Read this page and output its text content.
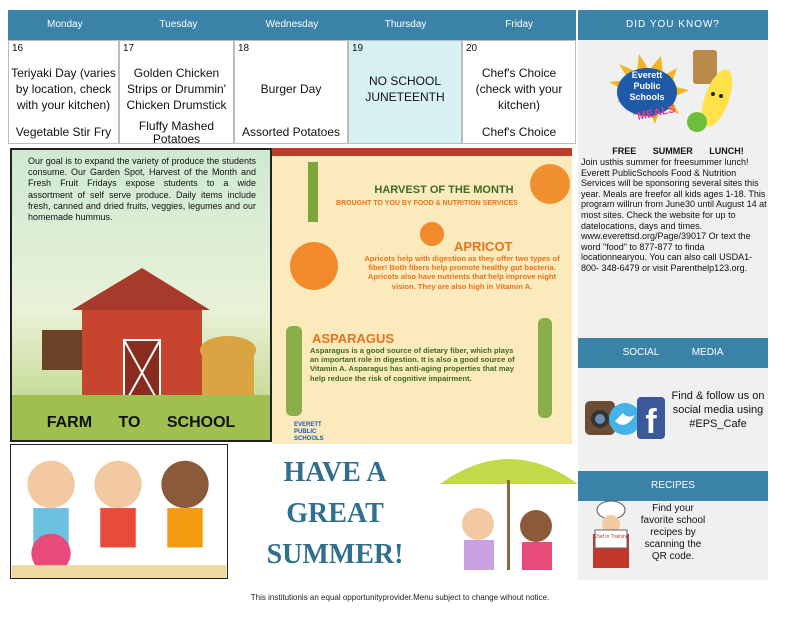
Monday	Tuesday	Wednesday	Thursday	Friday	DID YOU KNOW?
16
Teriyaki Day (varies by location, check with your kitchen)
Vegetable Stir Fry
17
Golden Chicken Strips or Drummin' Chicken Drumstick
Fluffy Mashed Potatoes
18
Burger Day
Assorted Potatoes
19
NO SCHOOL JUNETEENTH
20
Chef's Choice (check with your kitchen)
Chef's Choice
Everett
Public
Schools
MEALS
FREE SUMMER LUNCH!
Join usthis summer for freesummer lunch! Everett PublicSchools Food & Nutrition Services will be sponsoring several sites this year. Meals are freefor all kids ages 1-18. This program willrun from June30 until August 14 at most sites. Check the website for up to datelocations, days and times. www.everettsd.org/Page/39017 Or text the word "food" to 877-877 to finda locationnearyou. You can also call USDA1-800- 348-6479 or visit Parenthelp123.org.
SOCIAL MEDIA
f
Find & follow us on social media using #EPS_Cafe
RECIPES
Chef in Training
Find your favorite school recipes by scanning the QR code.
Our goal is to expand the variety of produce the students consume. Our Garden Spot, Harvest of the Month and Fresh Fruit Fridays expose students to a wide assortment of self serve produce. Daily items include fresh, canned and dried fruits, veggies, legumes and our homemade hummus.
FARM TO SCHOOL
HARVEST OF THE MONTH
BROUGHT TO YOU BY FOOD & NUTRITION SERVICES
APRICOT
Apricots help with digestion as they offer two types of fiber! Both fibers help promote healthy gut bacteria. Apricots also have nutrients that help improve night vision. They are also high in Vitamin A.
ASPARAGUS
Asparagus is a good source of dietary fiber, which plays an important role in digestion. It is also a good source of Vitamin A. Asparagus has anti-aging properties that may help reduce the risk of cognitive impairment.
EVERETT
PUBLIC
SCHOOLS
HAVE A
GREAT
SUMMER!
This institutionis an equal opportunityprovider.Menu subject to change wihout notice.
